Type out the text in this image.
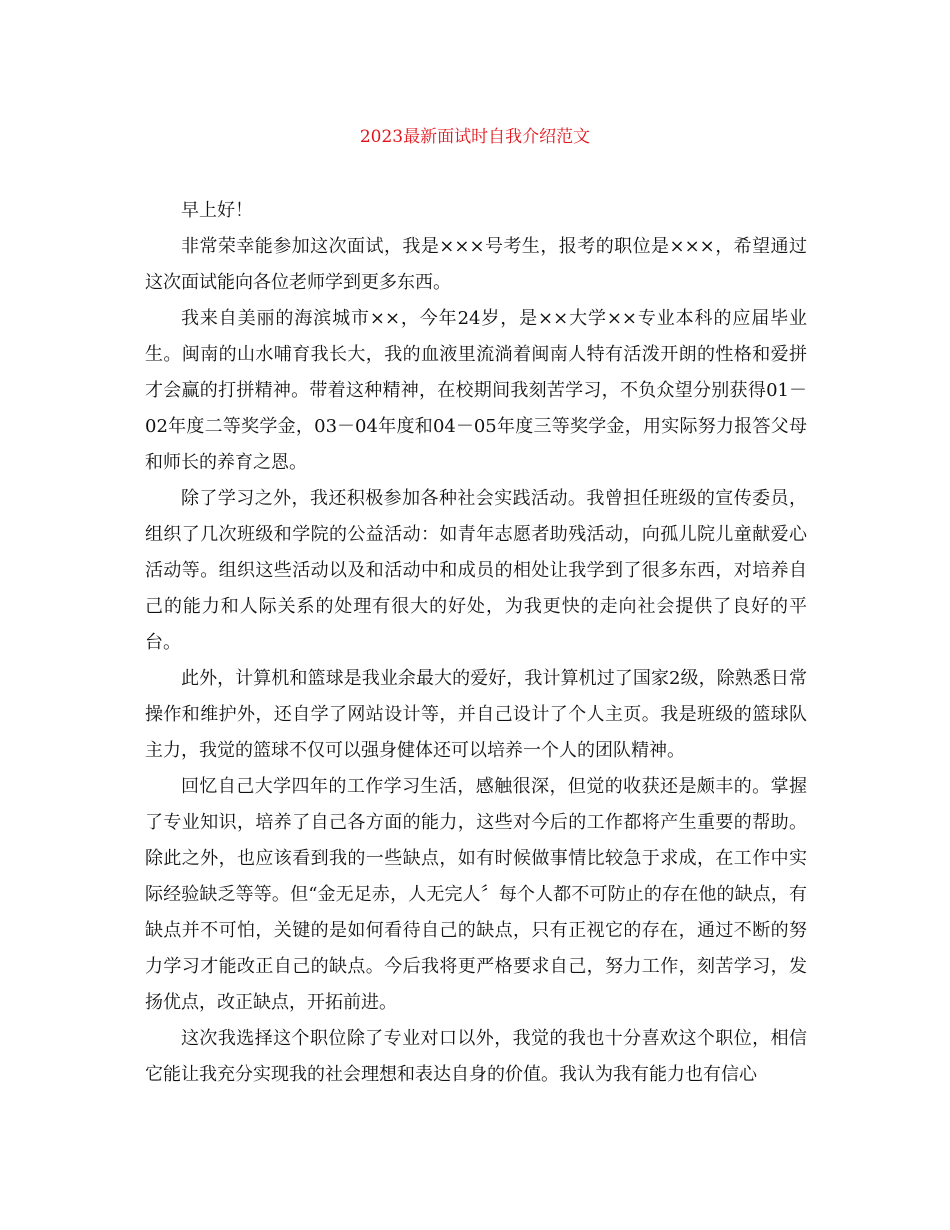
2023最新面试时自我介绍范文

早上好！

非常荣幸能参加这次面试，我是×××号考生，报考的职位是×××，希望通过这次面试能向各位老师学到更多东西。

我来自美丽的海滨城市××，今年24岁，是××大学××专业本科的应届毕业生。闽南的山水哺育我长大，我的血液里流淌着闽南人特有活泼开朗的性格和爱拼才会赢的打拼精神。带着这种精神，在校期间我刻苦学习，不负众望分别获得01－02年度二等奖学金，03－04年度和04－05年度三等奖学金，用实际努力报答父母和师长的养育之恩。

除了学习之外，我还积极参加各种社会实践活动。我曾担任班级的宣传委员，组织了几次班级和学院的公益活动：如青年志愿者助残活动，向孤儿院儿童献爱心活动等。组织这些活动以及和活动中和成员的相处让我学到了很多东西，对培养自己的能力和人际关系的处理有很大的好处，为我更快的走向社会提供了良好的平台。

此外，计算机和篮球是我业余最大的爱好，我计算机过了国家2级，除熟悉日常操作和维护外，还自学了网站设计等，并自己设计了个人主页。我是班级的篮球队主力，我觉的篮球不仅可以强身健体还可以培养一个人的团队精神。

回忆自己大学四年的工作学习生活，感触很深，但觉的收获还是颇丰的。掌握了专业知识，培养了自己各方面的能力，这些对今后的工作都将产生重要的帮助。除此之外，也应该看到我的一些缺点，如有时候做事情比较急于求成，在工作中实际经验缺乏等等。但“金无足赤，人无完人〞每个人都不可防止的存在他的缺点，有缺点并不可怕，关键的是如何看待自己的缺点，只有正视它的存在，通过不断的努力学习才能改正自己的缺点。今后我将更严格要求自己，努力工作，刻苦学习，发扬优点，改正缺点，开拓前进。

这次我选择这个职位除了专业对口以外，我觉的我也十分喜欢这个职位，相信它能让我充分实现我的社会理想和表达自身的价值。我认为我有能力也有信心
